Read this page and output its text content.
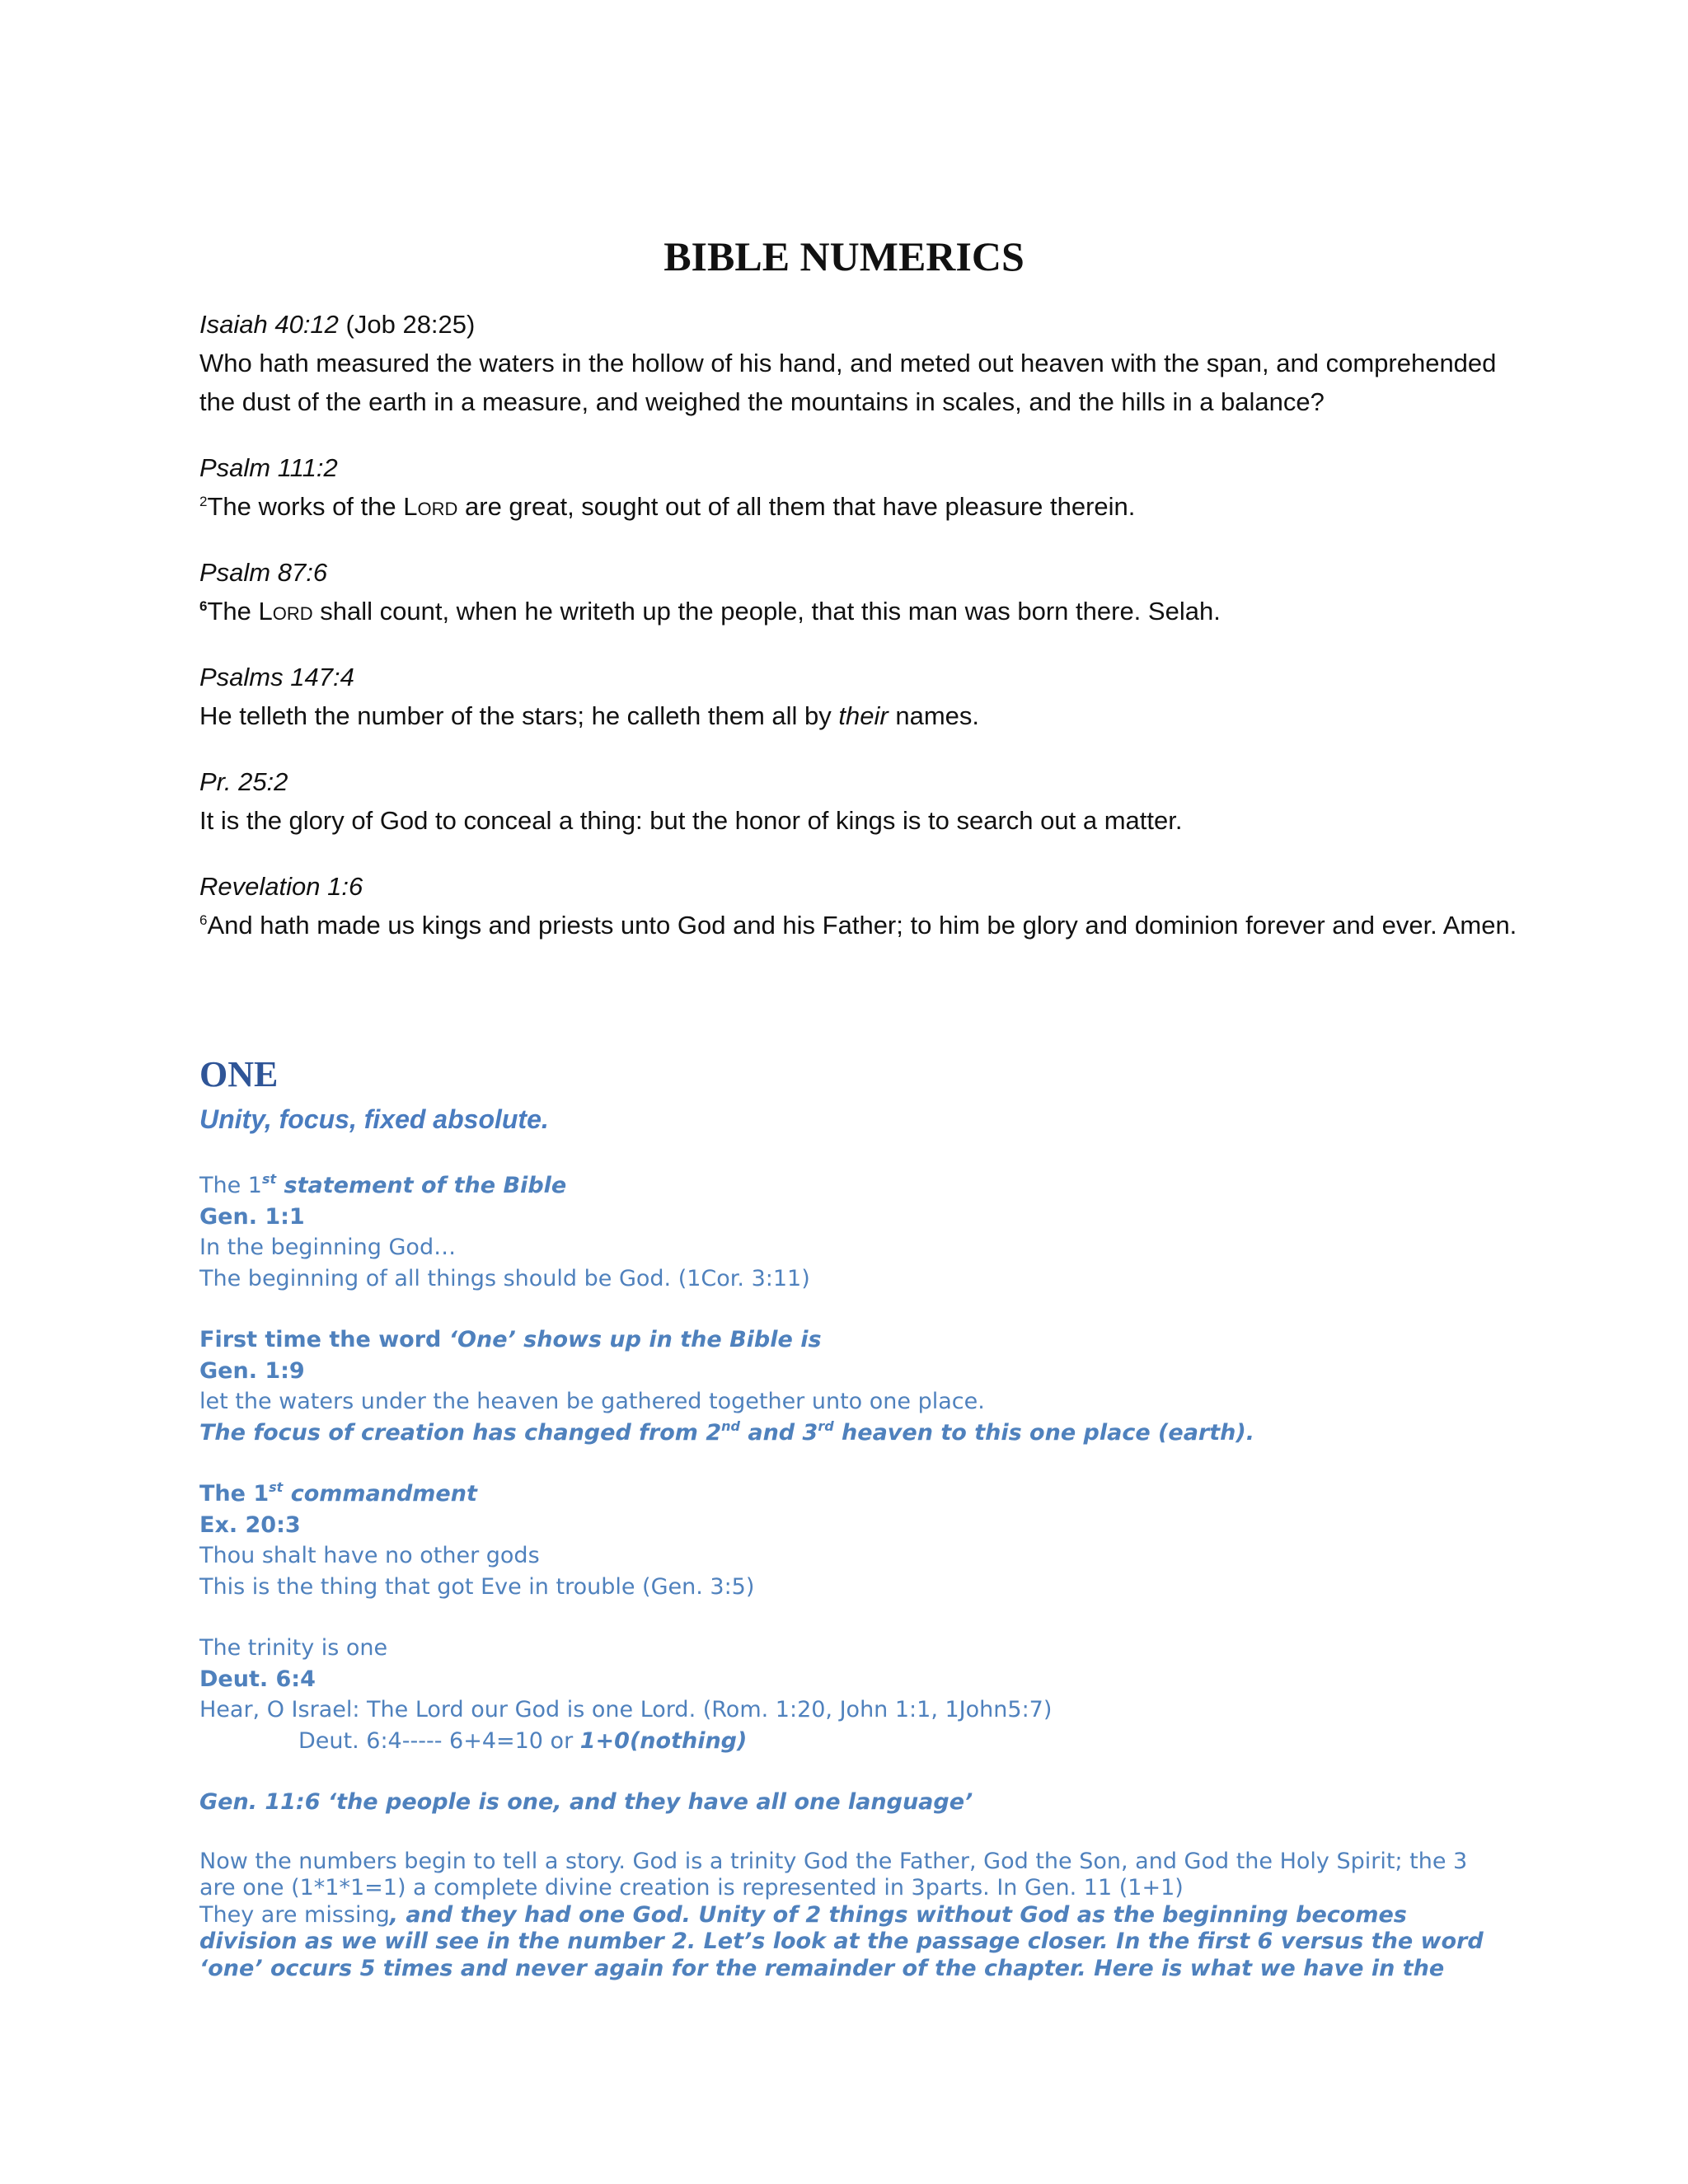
BIBLE NUMERICS

Isaiah 40:12 (Job 28:25)

Who hath measured the waters in the hollow of his hand, and meted out heaven with the span, and comprehended the dust of the earth in a measure, and weighed the mountains in scales, and the hills in a balance?

Psalm 111:2

$^2$The works of the Lord are great, sought out of all them that have pleasure therein.

Psalm 87:6

$^6$The Lord shall count, when he writeth up the people, that this man was born there. Selah.

Psalms 147:4

He telleth the number of the stars; he calleth them all by their names.

Pr. 25:2

It is the glory of God to conceal a thing: but the honor of kings is to search out a matter.

Revelation 1:6

$^6$And hath made us kings and priests unto God and his Father; to him be glory and dominion forever and ever. Amen.

ONE
Unity, focus, fixed absolute.

The 1st statement of the Bible

Gen. 1:1

In the beginning God…

The beginning of all things should be God. (1Cor. 3:11)

First time the word ‘One’ shows up in the Bible is

Gen. 1:9

let the waters under the heaven be gathered together unto one place.

The focus of creation has changed from 2nd and 3rd heaven to this one place (earth).

The 1st commandment

Ex. 20:3

Thou shalt have no other gods

This is the thing that got Eve in trouble (Gen. 3:5)

The trinity is one

Deut. 6:4

Hear, O Israel: The Lord our God is one Lord. (Rom. 1:20, John 1:1, 1John5:7)

Deut. 6:4----- 6+4=10 or 1+0(nothing)

Gen. 11:6 ‘the people is one, and they have all one language’

Now the numbers begin to tell a story. God is a trinity God the Father, God the Son, and God the Holy Spirit; the 3 are one (1*1*1=1) a complete divine creation is represented in 3parts. In Gen. 11 (1+1)

They are missing, and they had one God. Unity of 2 things without God as the beginning becomes division as we will see in the number 2. Let’s look at the passage closer. In the first 6 versus the word ‘one’ occurs 5 times and never again for the remainder of the chapter. Here is what we have in the
